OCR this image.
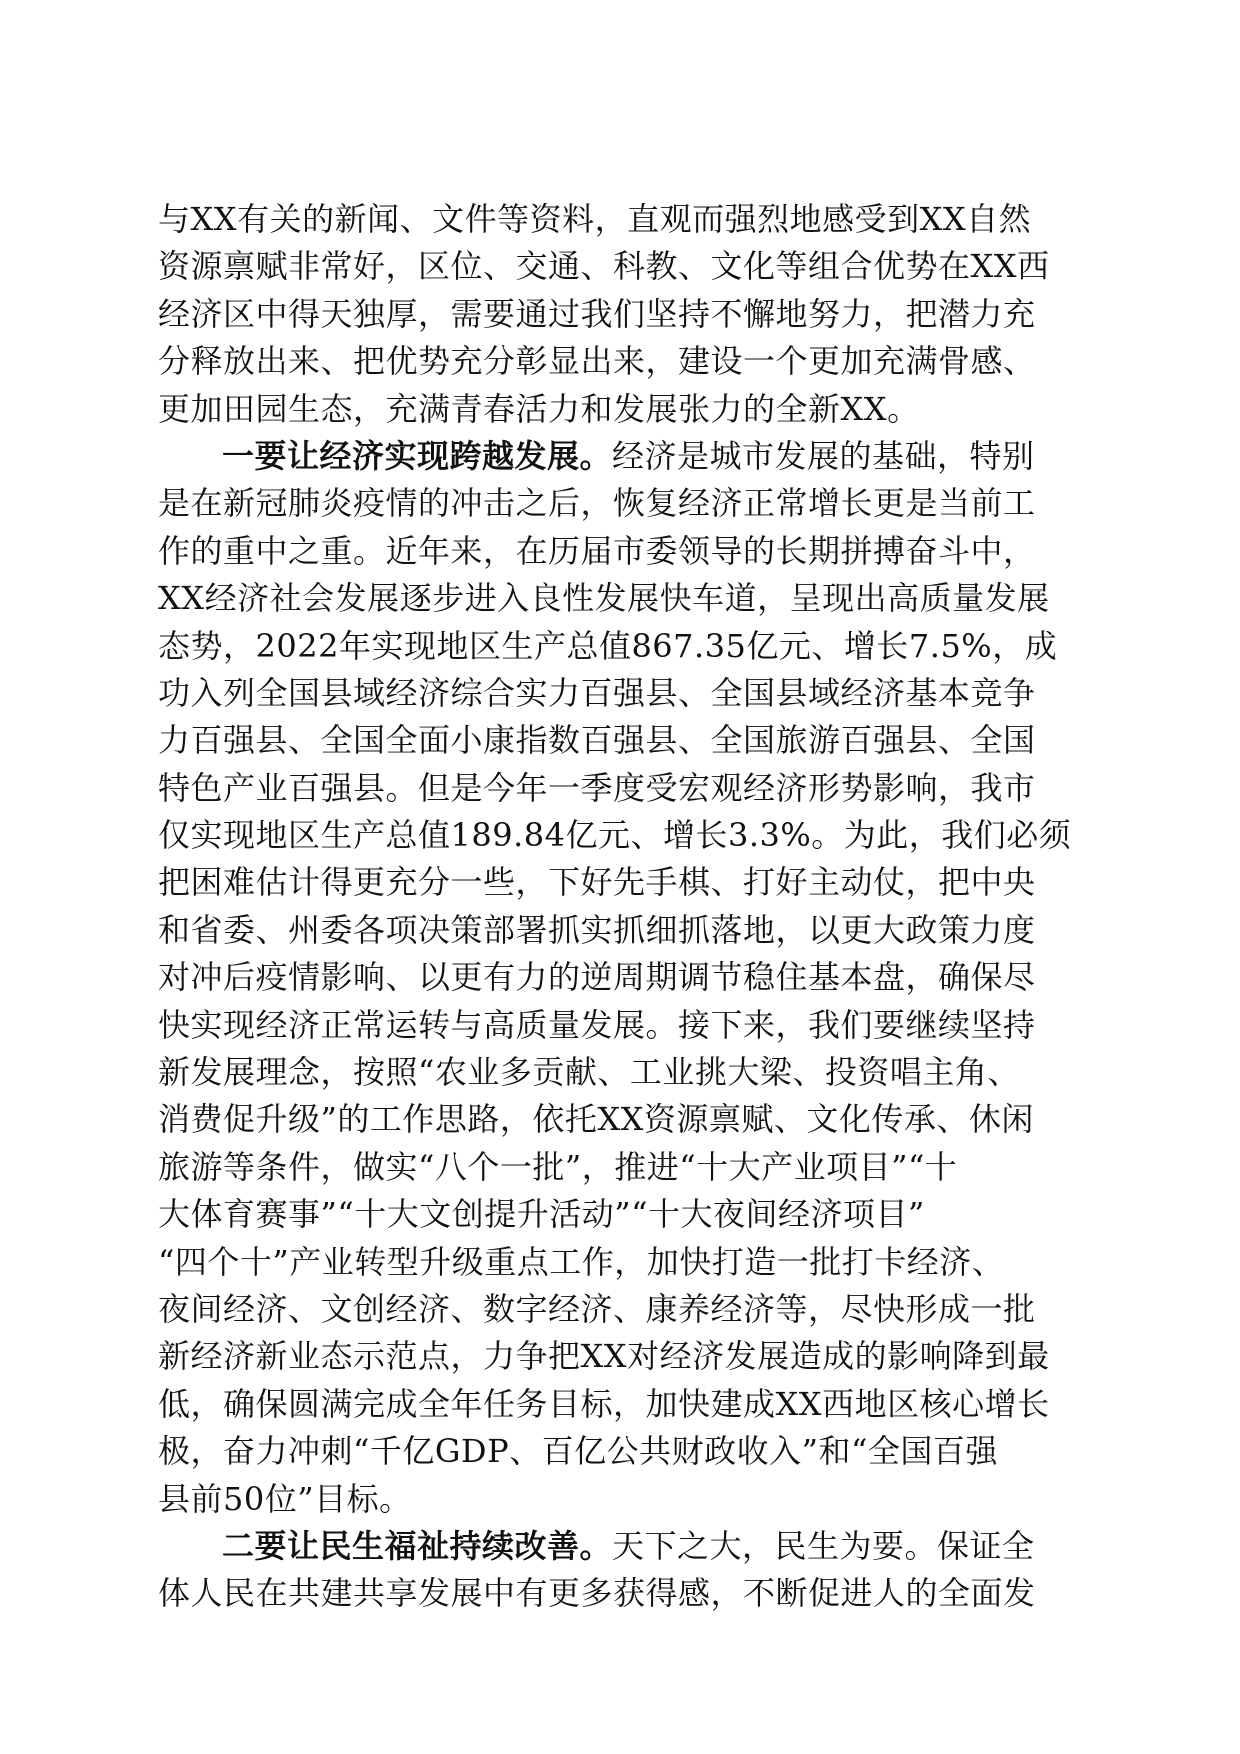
与XX有关的新闻、文件等资料，直观而强烈地感受到XX自然
资源禀赋非常好，区位、交通、科教、文化等组合优势在XX西
经济区中得天独厚，需要通过我们坚持不懈地努力，把潜力充
分释放出来、把优势充分彰显出来，建设一个更加充满骨感、
更加田园生态，充满青春活力和发展张力的全新XX。
一要让经济实现跨越发展。经济是城市发展的基础，特别
是在新冠肺炎疫情的冲击之后，恢复经济正常增长更是当前工
作的重中之重。近年来，在历届市委领导的长期拼搏奋斗中，
XX经济社会发展逐步进入良性发展快车道，呈现出高质量发展
态势，2022年实现地区生产总值867.35亿元、增长7.5%，成
功入列全国县域经济综合实力百强县、全国县域经济基本竞争
力百强县、全国全面小康指数百强县、全国旅游百强县、全国
特色产业百强县。但是今年一季度受宏观经济形势影响，我市
仅实现地区生产总值189.84亿元、增长3.3%。为此，我们必须
把困难估计得更充分一些，下好先手棋、打好主动仗，把中央
和省委、州委各项决策部署抓实抓细抓落地，以更大政策力度
对冲后疫情影响、以更有力的逆周期调节稳住基本盘，确保尽
快实现经济正常运转与高质量发展。接下来，我们要继续坚持
新发展理念，按照“农业多贡献、工业挑大梁、投资唱主角、
消费促升级”的工作思路，依托XX资源禀赋、文化传承、休闲
旅游等条件，做实“八个一批”，推进“十大产业项目”“十
大体育赛事”“十大文创提升活动”“十大夜间经济项目”
“四个十”产业转型升级重点工作，加快打造一批打卡经济、
夜间经济、文创经济、数字经济、康养经济等，尽快形成一批
新经济新业态示范点，力争把XX对经济发展造成的影响降到最
低，确保圆满完成全年任务目标，加快建成XX西地区核心增长
极，奋力冲刺“千亿GDP、百亿公共财政收入”和“全国百强
县前50位”目标。
二要让民生福祉持续改善。天下之大，民生为要。保证全
体人民在共建共享发展中有更多获得感，不断促进人的全面发
